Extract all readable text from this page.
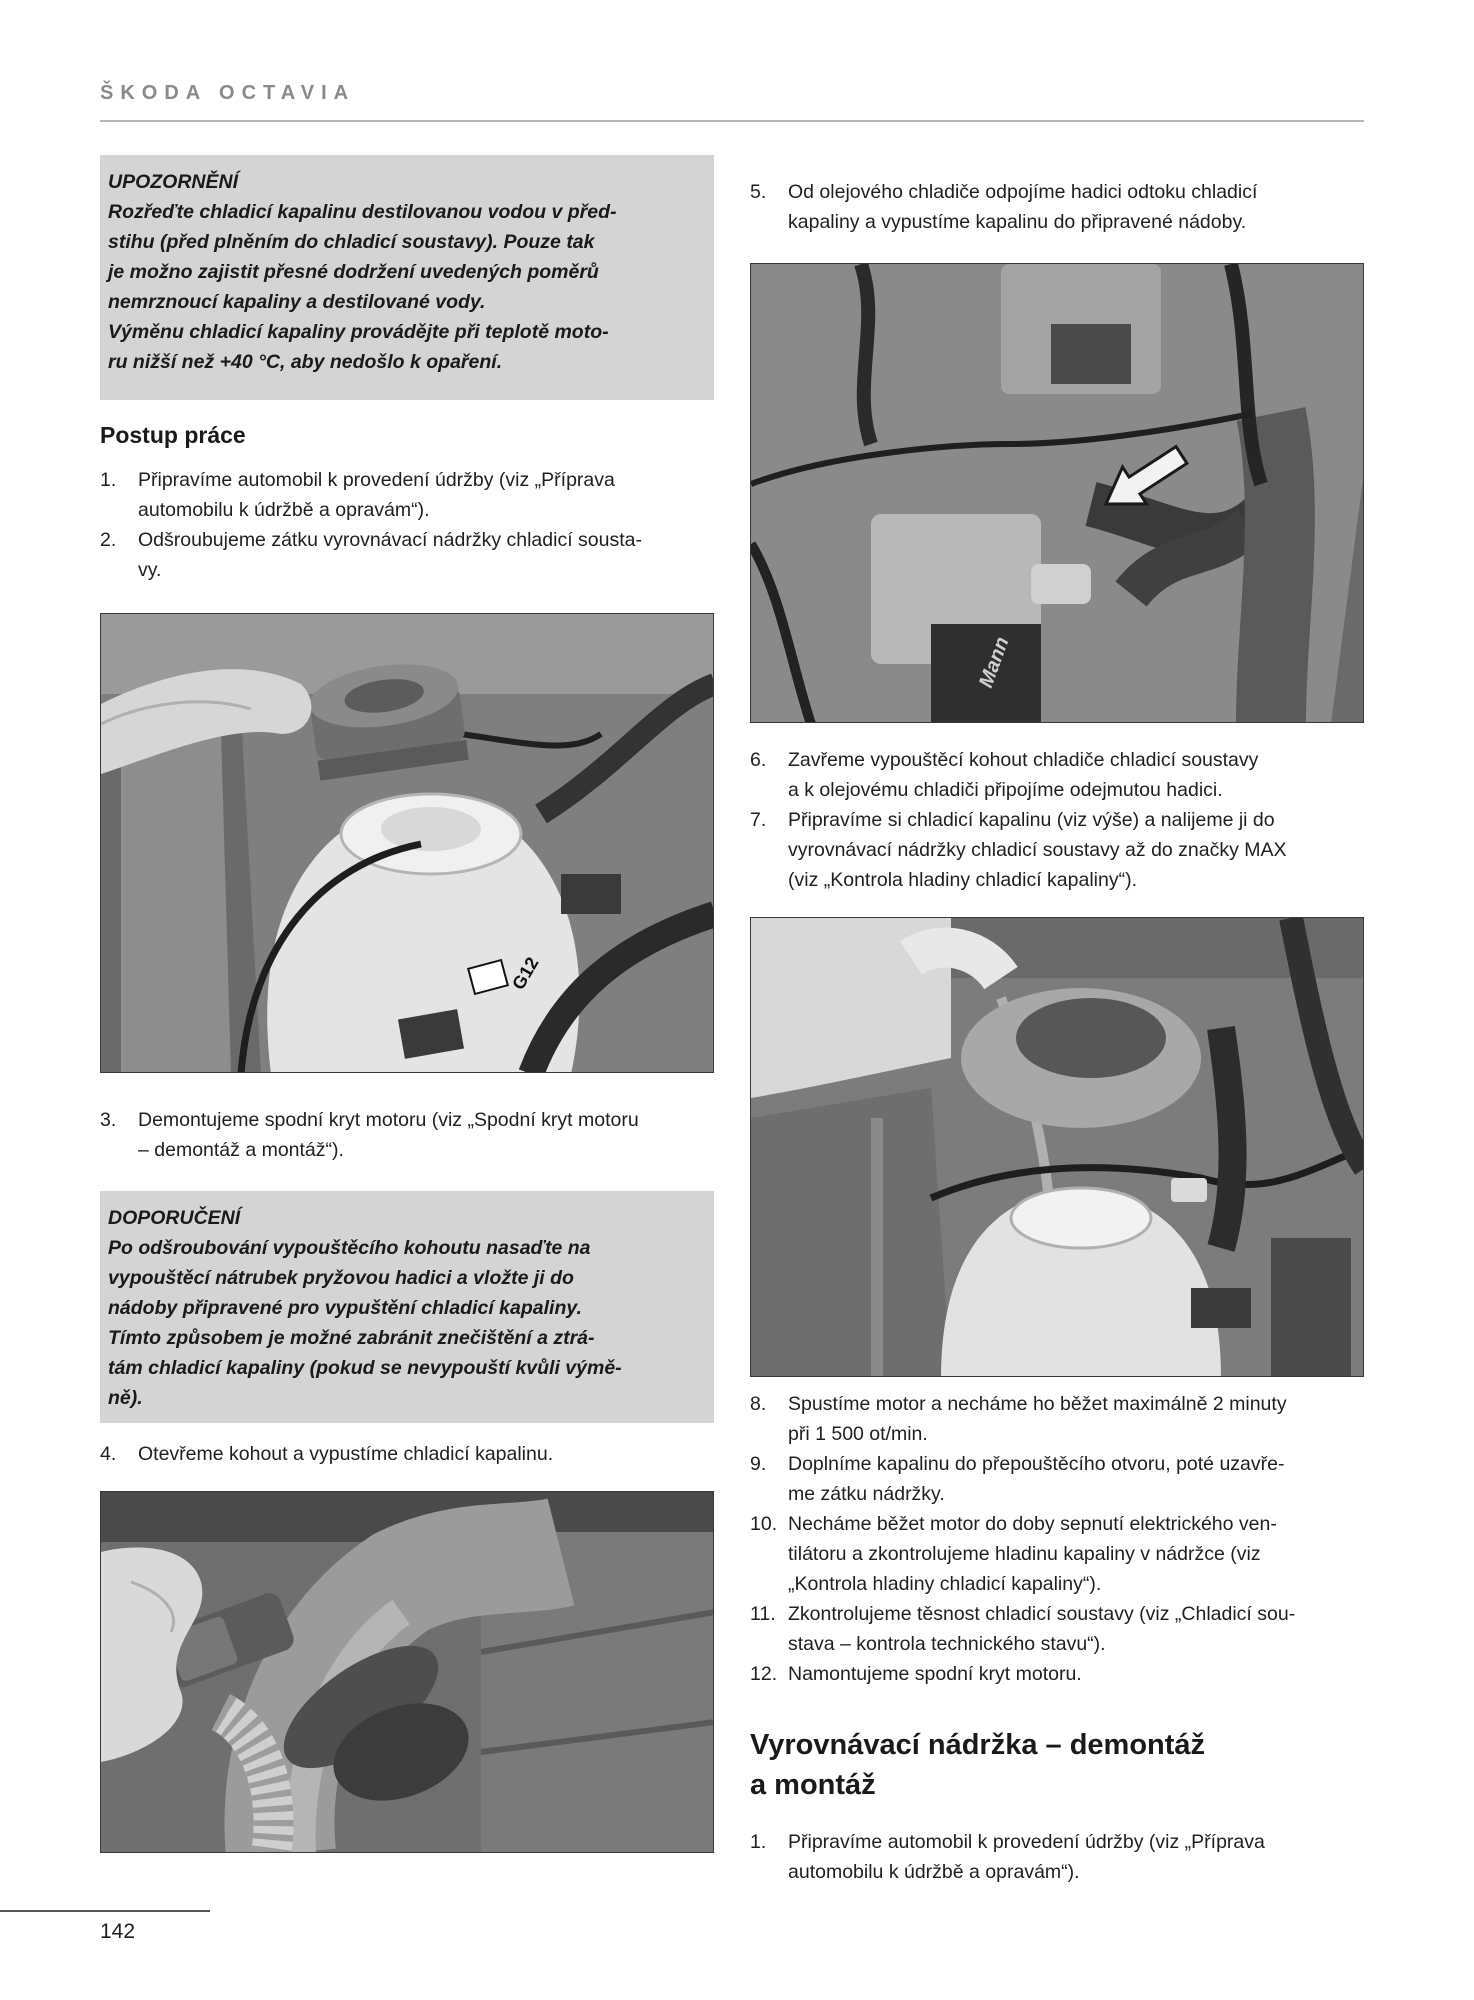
ŠKODA OCTAVIA
UPOZORNĚNÍ

Rozřeďte chladicí kapalinu destilovanou vodou v před-

stihu (před plněním do chladicí soustavy). Pouze tak

je možno zajistit přesné dodržení uvedených poměrů

nemrznoucí kapaliny a destilované vody.

Výměnu chladicí kapaliny provádějte při teplotě moto-

ru nižší než +40 °C, aby nedošlo k opaření.

Postup práce
1. Připravíme automobil k provedení údržby (viz „Příprava
automobilu k údržbě a opravám“).
2. Odšroubujeme zátku vyrovnávací nádržky chladicí sousta-
vy.
G12
3. Demontujeme spodní kryt motoru (viz „Spodní kryt motoru
– demontáž a montáž“).
DOPORUČENÍ

Po odšroubování vypouštěcího kohoutu nasaďte na

vypouštěcí nátrubek pryžovou hadici a vložte ji do

nádoby připravené pro vypuštění chladicí kapaliny.

Tímto způsobem je možné zabránit znečištění a ztrá-

tám chladicí kapaliny (pokud se nevypouští kvůli výmě-

ně).

4. Otevřeme kohout a vypustíme chladicí kapalinu.
5. Od olejového chladiče odpojíme hadici odtoku chladicí
kapaliny a vypustíme kapalinu do připravené nádoby.
Mann
6. Zavřeme vypouštěcí kohout chladiče chladicí soustavy
a k olejovému chladiči připojíme odejmutou hadici.
7. Připravíme si chladicí kapalinu (viz výše) a nalijeme ji do
vyrovnávací nádržky chladicí soustavy až do značky MAX
(viz „Kontrola hladiny chladicí kapaliny“).
8. Spustíme motor a necháme ho běžet maximálně 2 minuty
při 1 500 ot/min.
9. Doplníme kapalinu do přepouštěcího otvoru, poté uzavře-
me zátku nádržky.
10. Necháme běžet motor do doby sepnutí elektrického ven-
tilátoru a zkontrolujeme hladinu kapaliny v nádržce (viz
„Kontrola hladiny chladicí kapaliny“).
11. Zkontrolujeme těsnost chladicí soustavy (viz „Chladicí sou-
stava – kontrola technického stavu“).
12. Namontujeme spodní kryt motoru.
Vyrovnávací nádržka – demontáž
a montáž
1. Připravíme automobil k provedení údržby (viz „Příprava
automobilu k údržbě a opravám“).
142
